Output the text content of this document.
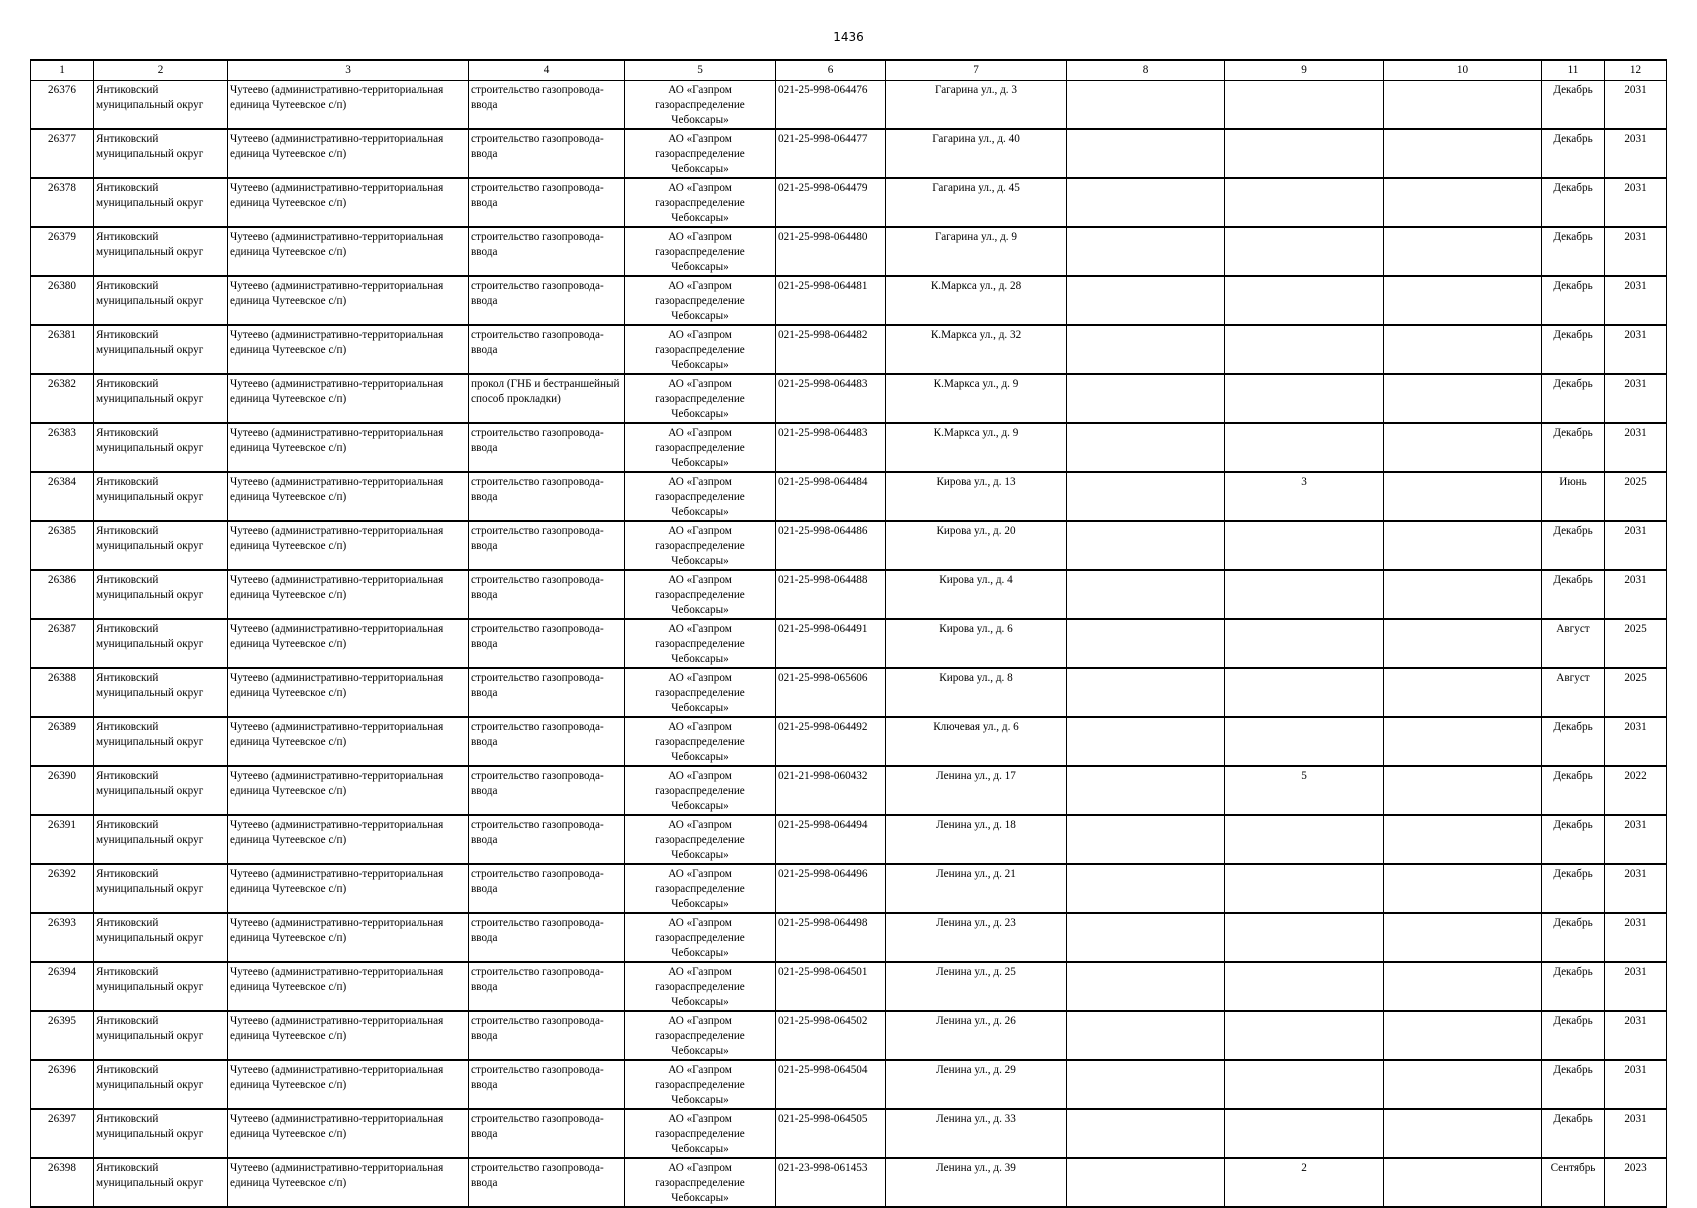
1436
1	2	3	4	5	6	7	8	9	10	11	12
26376	Янтиковский муниципальный округ	Чутеево (административно-территориальная единица Чутеевское с/п)	строительство газопровода-ввода	АО «Газпром газораспределение Чебоксары»	021-25-998-064476	Гагарина ул., д. 3				Декабрь	2031
26377	Янтиковский муниципальный округ	Чутеево (административно-территориальная единица Чутеевское с/п)	строительство газопровода-ввода	АО «Газпром газораспределение Чебоксары»	021-25-998-064477	Гагарина ул., д. 40				Декабрь	2031
26378	Янтиковский муниципальный округ	Чутеево (административно-территориальная единица Чутеевское с/п)	строительство газопровода-ввода	АО «Газпром газораспределение Чебоксары»	021-25-998-064479	Гагарина ул., д. 45				Декабрь	2031
26379	Янтиковский муниципальный округ	Чутеево (административно-территориальная единица Чутеевское с/п)	строительство газопровода-ввода	АО «Газпром газораспределение Чебоксары»	021-25-998-064480	Гагарина ул., д. 9				Декабрь	2031
26380	Янтиковский муниципальный округ	Чутеево (административно-территориальная единица Чутеевское с/п)	строительство газопровода-ввода	АО «Газпром газораспределение Чебоксары»	021-25-998-064481	К.Маркса ул., д. 28				Декабрь	2031
26381	Янтиковский муниципальный округ	Чутеево (административно-территориальная единица Чутеевское с/п)	строительство газопровода-ввода	АО «Газпром газораспределение Чебоксары»	021-25-998-064482	К.Маркса ул., д. 32				Декабрь	2031
26382	Янтиковский муниципальный округ	Чутеево (административно-территориальная единица Чутеевское с/п)	прокол (ГНБ и бестраншейный способ прокладки)	АО «Газпром газораспределение Чебоксары»	021-25-998-064483	К.Маркса ул., д. 9				Декабрь	2031
26383	Янтиковский муниципальный округ	Чутеево (административно-территориальная единица Чутеевское с/п)	строительство газопровода-ввода	АО «Газпром газораспределение Чебоксары»	021-25-998-064483	К.Маркса ул., д. 9				Декабрь	2031
26384	Янтиковский муниципальный округ	Чутеево (административно-территориальная единица Чутеевское с/п)	строительство газопровода-ввода	АО «Газпром газораспределение Чебоксары»	021-25-998-064484	Кирова ул., д. 13		3		Июнь	2025
26385	Янтиковский муниципальный округ	Чутеево (административно-территориальная единица Чутеевское с/п)	строительство газопровода-ввода	АО «Газпром газораспределение Чебоксары»	021-25-998-064486	Кирова ул., д. 20				Декабрь	2031
26386	Янтиковский муниципальный округ	Чутеево (административно-территориальная единица Чутеевское с/п)	строительство газопровода-ввода	АО «Газпром газораспределение Чебоксары»	021-25-998-064488	Кирова ул., д. 4				Декабрь	2031
26387	Янтиковский муниципальный округ	Чутеево (административно-территориальная единица Чутеевское с/п)	строительство газопровода-ввода	АО «Газпром газораспределение Чебоксары»	021-25-998-064491	Кирова ул., д. 6				Август	2025
26388	Янтиковский муниципальный округ	Чутеево (административно-территориальная единица Чутеевское с/п)	строительство газопровода-ввода	АО «Газпром газораспределение Чебоксары»	021-25-998-065606	Кирова ул., д. 8				Август	2025
26389	Янтиковский муниципальный округ	Чутеево (административно-территориальная единица Чутеевское с/п)	строительство газопровода-ввода	АО «Газпром газораспределение Чебоксары»	021-25-998-064492	Ключевая ул., д. 6				Декабрь	2031
26390	Янтиковский муниципальный округ	Чутеево (административно-территориальная единица Чутеевское с/п)	строительство газопровода-ввода	АО «Газпром газораспределение Чебоксары»	021-21-998-060432	Ленина ул., д. 17		5		Декабрь	2022
26391	Янтиковский муниципальный округ	Чутеево (административно-территориальная единица Чутеевское с/п)	строительство газопровода-ввода	АО «Газпром газораспределение Чебоксары»	021-25-998-064494	Ленина ул., д. 18				Декабрь	2031
26392	Янтиковский муниципальный округ	Чутеево (административно-территориальная единица Чутеевское с/п)	строительство газопровода-ввода	АО «Газпром газораспределение Чебоксары»	021-25-998-064496	Ленина ул., д. 21				Декабрь	2031
26393	Янтиковский муниципальный округ	Чутеево (административно-территориальная единица Чутеевское с/п)	строительство газопровода-ввода	АО «Газпром газораспределение Чебоксары»	021-25-998-064498	Ленина ул., д. 23				Декабрь	2031
26394	Янтиковский муниципальный округ	Чутеево (административно-территориальная единица Чутеевское с/п)	строительство газопровода-ввода	АО «Газпром газораспределение Чебоксары»	021-25-998-064501	Ленина ул., д. 25				Декабрь	2031
26395	Янтиковский муниципальный округ	Чутеево (административно-территориальная единица Чутеевское с/п)	строительство газопровода-ввода	АО «Газпром газораспределение Чебоксары»	021-25-998-064502	Ленина ул., д. 26				Декабрь	2031
26396	Янтиковский муниципальный округ	Чутеево (административно-территориальная единица Чутеевское с/п)	строительство газопровода-ввода	АО «Газпром газораспределение Чебоксары»	021-25-998-064504	Ленина ул., д. 29				Декабрь	2031
26397	Янтиковский муниципальный округ	Чутеево (административно-территориальная единица Чутеевское с/п)	строительство газопровода-ввода	АО «Газпром газораспределение Чебоксары»	021-25-998-064505	Ленина ул., д. 33				Декабрь	2031
26398	Янтиковский муниципальный округ	Чутеево (административно-территориальная единица Чутеевское с/п)	строительство газопровода-ввода	АО «Газпром газораспределение Чебоксары»	021-23-998-061453	Ленина ул., д. 39		2		Сентябрь	2023
